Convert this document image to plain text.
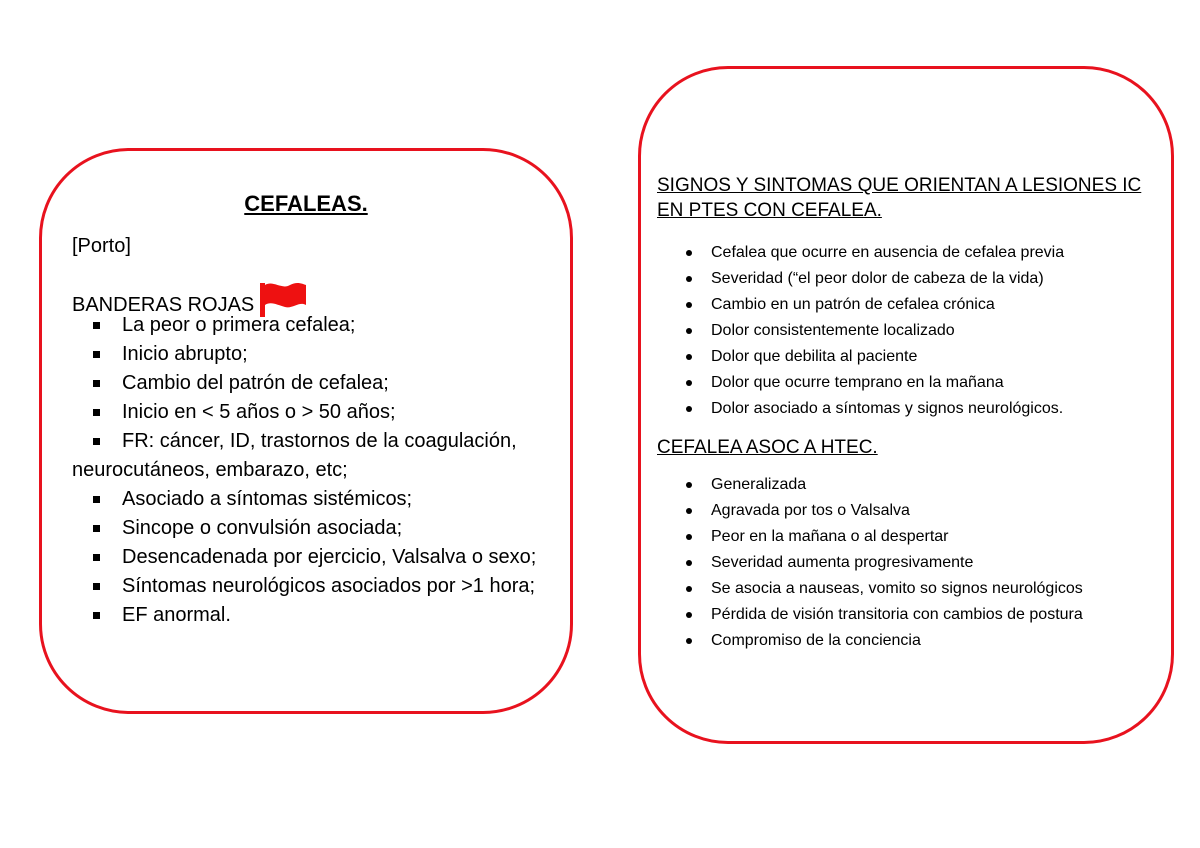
CEFALEAS.

[Porto]

BANDERAS ROJAS

La peor o primera cefalea;
Inicio abrupto;
Cambio del patrón de cefalea;
Inicio en < 5 años o > 50 años;
FR: cáncer, ID, trastornos de la coagulación, neurocutáneos, embarazo, etc;
Asociado a síntomas sistémicos;
Sincope o convulsión asociada;
Desencadenada por ejercicio, Valsalva o sexo;
Síntomas neurológicos asociados por >1 hora;
EF anormal.

SIGNOS Y SINTOMAS QUE ORIENTAN A LESIONES IC
EN PTES CON CEFALEA.

Cefalea que ocurre en ausencia de cefalea previa
Severidad (“el peor dolor de cabeza de la vida)
Cambio en un patrón de cefalea crónica
Dolor consistentemente localizado
Dolor que debilita al paciente
Dolor que ocurre temprano en la mañana
Dolor asociado a síntomas y signos neurológicos.

CEFALEA ASOC A HTEC.

Generalizada
Agravada por tos o Valsalva
Peor en la mañana o al despertar
Severidad aumenta progresivamente
Se asocia a nauseas, vomito so signos neurológicos
Pérdida de visión transitoria con cambios de postura
Compromiso de la conciencia
